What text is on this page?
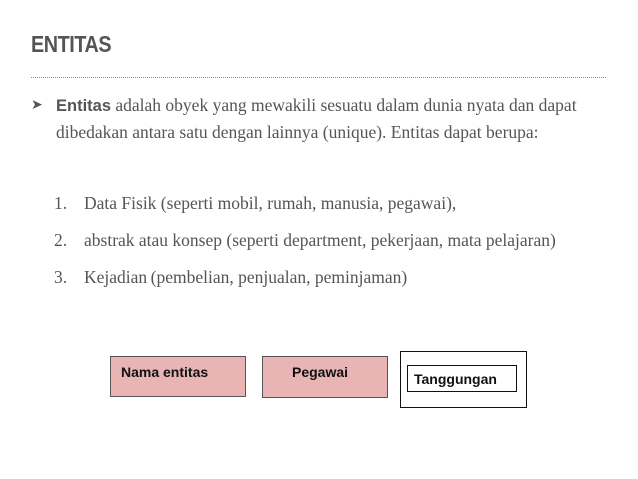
ENTITAS
➤ Entitas adalah obyek yang mewakili sesuatu dalam dunia nyata dan dapat dibedakan antara satu dengan lainnya (unique). Entitas dapat berupa:
1. Data Fisik (seperti mobil, rumah, manusia, pegawai),
2. abstrak atau konsep (seperti department, pekerjaan, mata pelajaran)
3. Kejadian (pembelian, penjualan, peminjaman)
Nama entitas	Pegawai	Tanggungan
